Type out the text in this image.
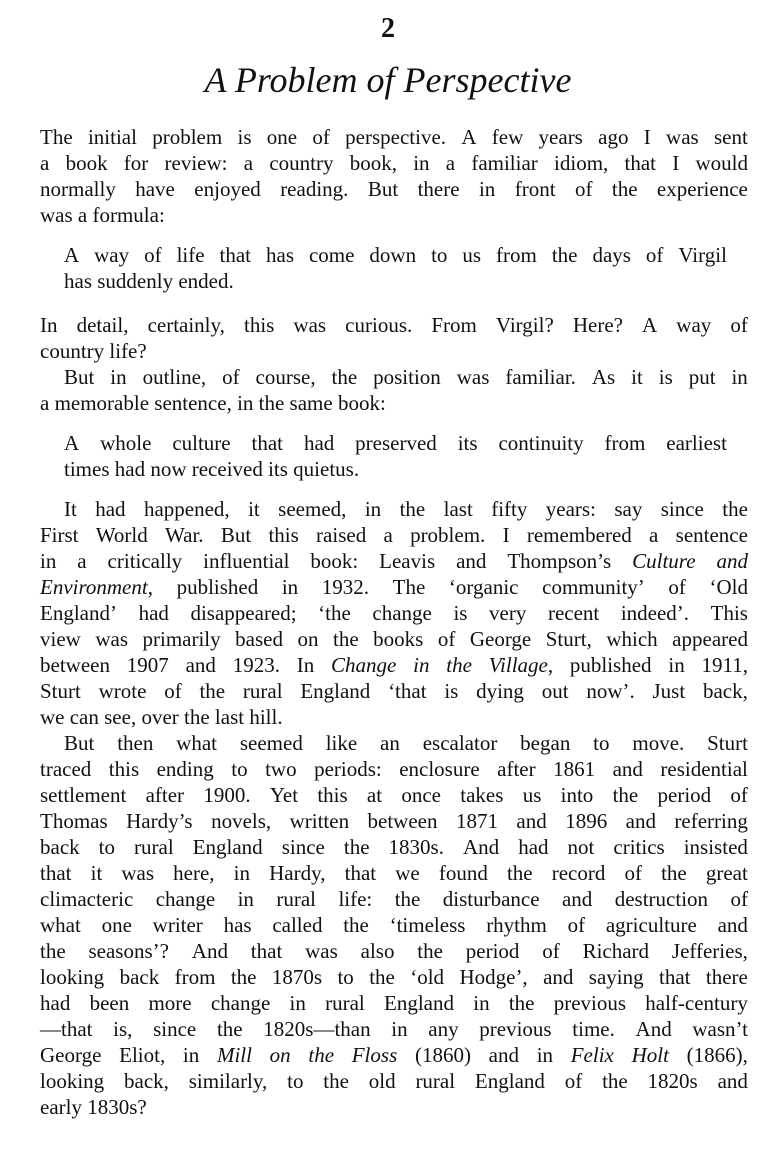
2
A Problem of Perspective
The initial problem is one of perspective. A few years ago I was sent
a book for review: a country book, in a familiar idiom, that I would
normally have enjoyed reading. But there in front of the experience
was a formula:
A way of life that has come down to us from the days of Virgil
has suddenly ended.
In detail, certainly, this was curious. From Virgil? Here? A way of
country life?
But in outline, of course, the position was familiar. As it is put in
a memorable sentence, in the same book:
A whole culture that had preserved its continuity from earliest
times had now received its quietus.
It had happened, it seemed, in the last fifty years: say since the
First World War. But this raised a problem. I remembered a sentence
in a critically influential book: Leavis and Thompson’s Culture and
Environment, published in 1932. The ‘organic community’ of ‘Old
England’ had disappeared; ‘the change is very recent indeed’. This
view was primarily based on the books of George Sturt, which appeared
between 1907 and 1923. In Change in the Village, published in 1911,
Sturt wrote of the rural England ‘that is dying out now’. Just back,
we can see, over the last hill.
But then what seemed like an escalator began to move. Sturt
traced this ending to two periods: enclosure after 1861 and residential
settlement after 1900. Yet this at once takes us into the period of
Thomas Hardy’s novels, written between 1871 and 1896 and referring
back to rural England since the 1830s. And had not critics insisted
that it was here, in Hardy, that we found the record of the great
climacteric change in rural life: the disturbance and destruction of
what one writer has called the ‘timeless rhythm of agriculture and
the seasons’? And that was also the period of Richard Jefferies,
looking back from the 1870s to the ‘old Hodge’, and saying that there
had been more change in rural England in the previous half-century
—that is, since the 1820s—than in any previous time. And wasn’t
George Eliot, in Mill on the Floss (1860) and in Felix Holt (1866),
looking back, similarly, to the old rural England of the 1820s and
early 1830s?
